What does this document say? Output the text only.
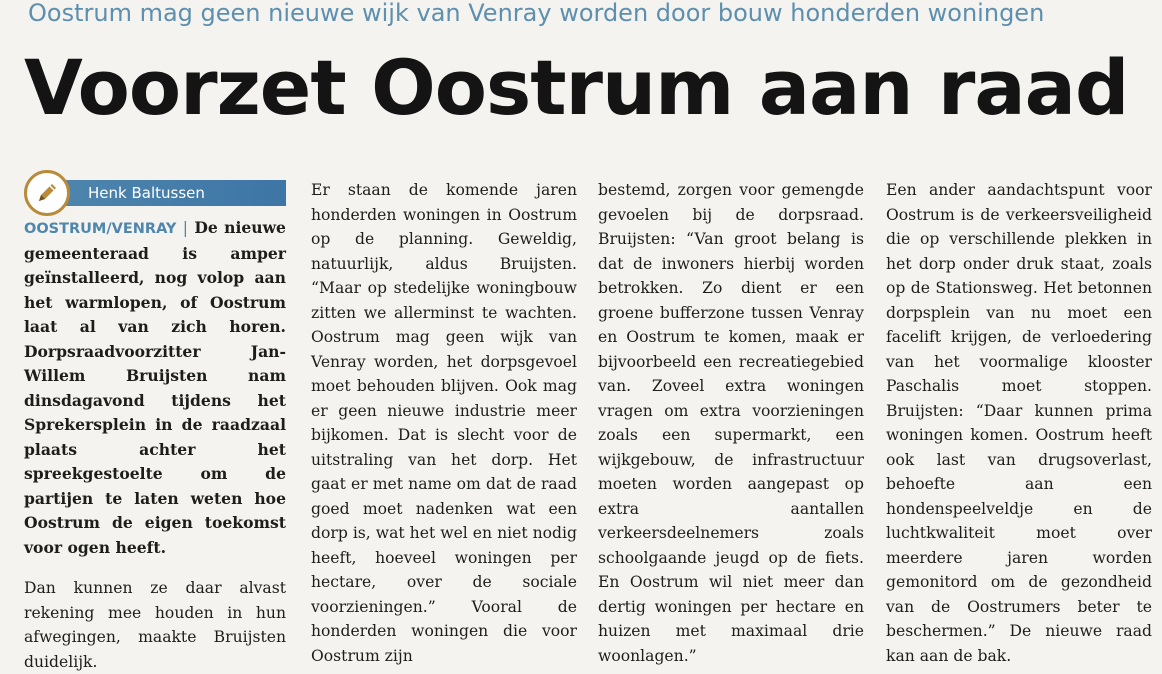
Oostrum mag geen nieuwe wijk van Venray worden door bouw honderden woningen
Voorzet Oostrum aan raad
Henk Baltussen

OOSTRUM/VENRAY | De nieuwe gemeenteraad is amper geïnstalleerd, nog volop aan het warmlopen, of Oostrum laat al van zich horen. Dorpsraadvoorzitter Jan-Willem Bruijsten nam dinsdagavond tijdens het Sprekersplein in de raadzaal plaats achter het spreekgestoelte om de partijen te laten weten hoe Oostrum de eigen toekomst voor ogen heeft.

Dan kunnen ze daar alvast rekening mee houden in hun afwegingen, maakte Bruijsten duidelijk.

Er staan de komende jaren honderden woningen in Oostrum op de planning. Geweldig, natuurlijk, aldus Bruijsten. “Maar op stedelijke woningbouw zitten we allerminst te wachten. Oostrum mag geen wijk van Venray worden, het dorpsgevoel moet behouden blijven. Ook mag er geen nieuwe industrie meer bijkomen. Dat is slecht voor de uitstraling van het dorp. Het gaat er met name om dat de raad goed moet nadenken wat een dorp is, wat het wel en niet nodig heeft, hoeveel woningen per hectare, over de sociale voorzieningen.” Vooral de honderden woningen die voor Oostrum zijn

bestemd, zorgen voor gemengde gevoelen bij de dorpsraad. Bruijsten: “Van groot belang is dat de inwoners hierbij worden betrokken. Zo dient er een groene bufferzone tussen Venray en Oostrum te komen, maak er bijvoorbeeld een recreatiegebied van. Zoveel extra woningen vragen om extra voorzieningen zoals een supermarkt, een wijkgebouw, de infrastructuur moeten worden aangepast op extra aantallen verkeersdeelnemers zoals schoolgaande jeugd op de fiets. En Oostrum wil niet meer dan dertig woningen per hectare en huizen met maximaal drie woonlagen.”

Een ander aandachtspunt voor Oostrum is de verkeersveiligheid die op verschillende plekken in het dorp onder druk staat, zoals op de Stationsweg. Het betonnen dorpsplein van nu moet een facelift krijgen, de verloedering van het voormalige klooster Paschalis moet stoppen. Bruijsten: “Daar kunnen prima woningen komen. Oostrum heeft ook last van drugsoverlast, behoefte aan een hondenspeelveldje en de luchtkwaliteit moet over meerdere jaren worden gemonitord om de gezondheid van de Oostrumers beter te beschermen.” De nieuwe raad kan aan de bak.
